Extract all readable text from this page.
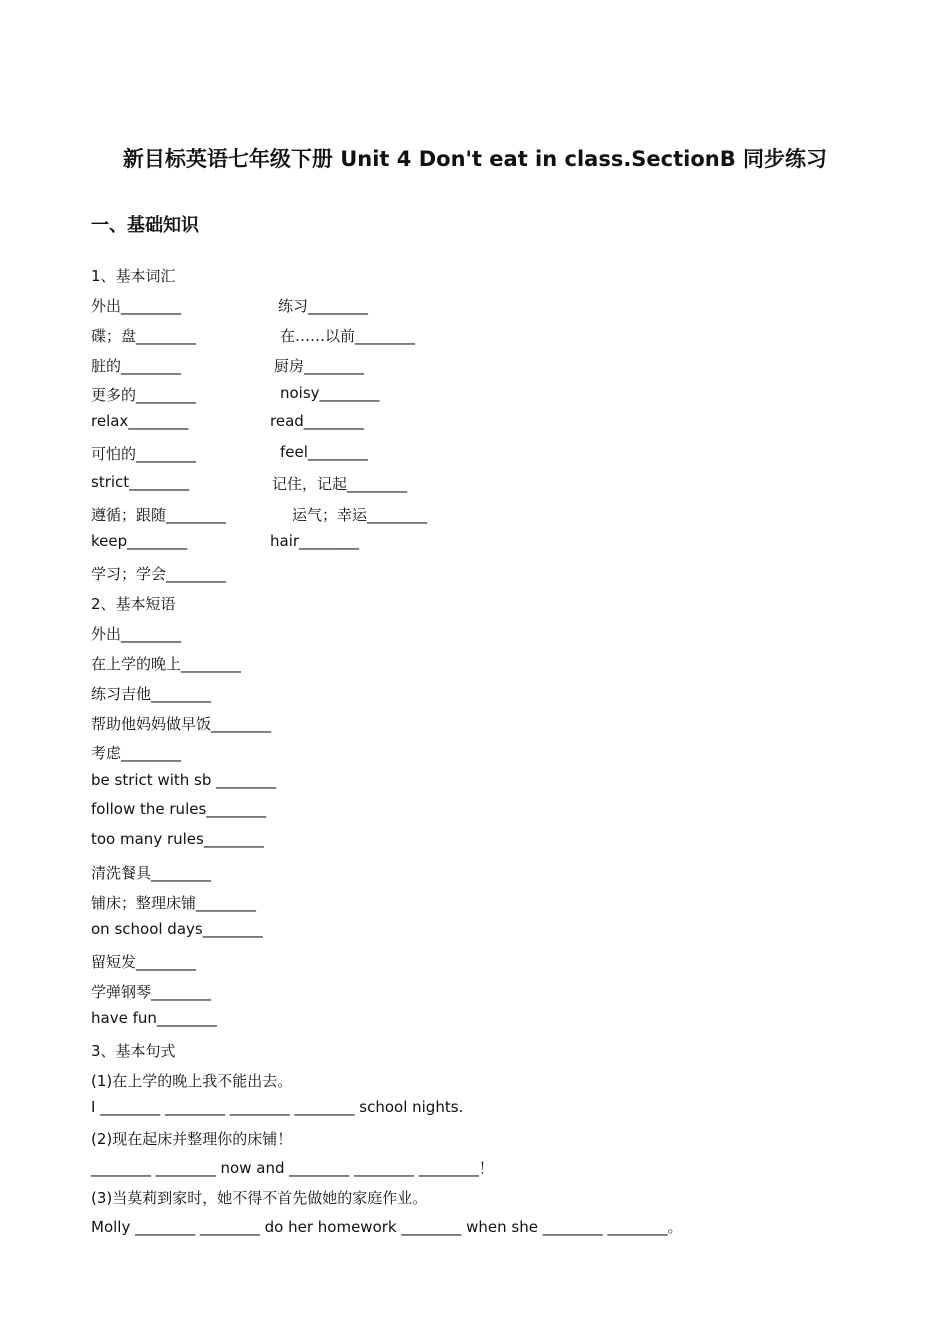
新目标英语七年级下册 Unit 4 Don't eat in class.SectionB 同步练习
一、基础知识
1、基本词汇
外出________	练习________
碟；盘________	在……以前________
脏的________	厨房________
更多的________	noisy________
relax________	read________
可怕的________	feel________
strict________	记住，记起________
遵循；跟随________	运气；幸运________
keep________	hair________
学习；学会________
2、基本短语
外出________
在上学的晚上________
练习吉他________
帮助他妈妈做早饭________
考虑________
be strict with sb ________
follow the rules________
too many rules________
清洗餐具________
铺床；整理床铺________
on school days________
留短发________
学弹钢琴________
have fun________
3、基本句式
(1)在上学的晚上我不能出去。
I ________ ________ ________ ________ school nights.
(2)现在起床并整理你的床铺！
________ ________ now and ________ ________ ________！
(3)当莫莉到家时，她不得不首先做她的家庭作业。
Molly ________ ________ do her homework ________ when she ________ ________。
